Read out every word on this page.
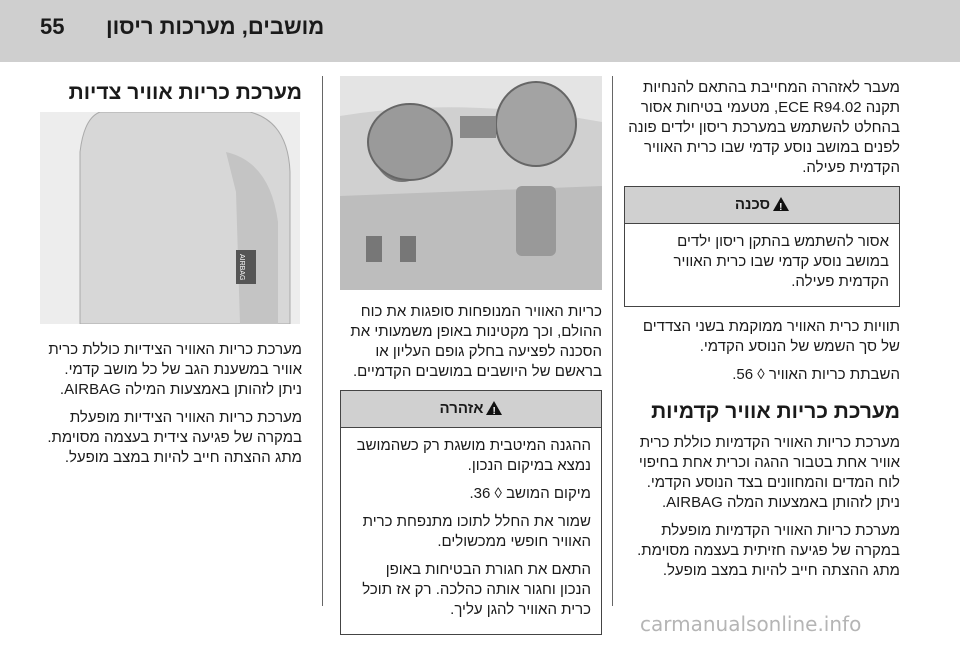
55 מושבים, מערכות ריסון

מעבר לאזהרה המחייבת בהתאם להנחיות תקנה ECE R94.02, מטעמי בטיחות אסור בהחלט להשתמש במערכת ריסון ילדים פונה לפנים במושב נוסע קדמי שבו כרית האוויר הקדמית פעילה.

!סכנה

אסור להשתמש בהתקן ריסון ילדים במושב נוסע קדמי שבו כרית האוויר הקדמית פעילה.

תוויות כרית האוויר ממוקמת בשני הצדדים של סך השמש של הנוסע הקדמי.

השבתת כריות האוויר ◊ 56.

מערכת כריות אוויר קדמיות

מערכת כריות האוויר הקדמיות כוללת כרית אוויר אחת בטבור ההגה וכרית אחת בחיפוי לוח המדים והמחוונים בצד הנוסע הקדמי. ניתן לזהותן באמצעות המלה AIRBAG.

מערכת כריות האוויר הקדמיות מופעלת במקרה של פגיעה חזיתית בעצמה מסוימת. מתג ההצתה חייב להיות במצב מופעל.

כריות האוויר המנופחות סופגות את כוח ההולם, וכך מקטינות באופן משמעותי את הסכנה לפציעה בחלק גופם העליון או בראשם של היושבים במושבים הקדמיים.

!אזהרה

ההגנה המיטבית מושגת רק כשהמושב נמצא במיקום הנכון.

מיקום המושב ◊ 36.

שמור את החלל לתוכו מתנפחת כרית האוויר חופשי ממכשולים.

התאם את חגורת הבטיחות באופן הנכון וחגור אותה כהלכה. רק אז תוכל כרית האוויר להגן עליך.

מערכת כריות אוויר צדיות
AIRBAG

מערכת כריות האוויר הצידיות כוללת כרית אוויר במשענת הגב של כל מושב קדמי. ניתן לזהותן באמצעות המילה AIRBAG.

מערכת כריות האוויר הצידיות מופעלת במקרה של פגיעה צידית בעצמה מסוימת. מתג ההצתה חייב להיות במצב מופעל.

carmanualsonline.info
